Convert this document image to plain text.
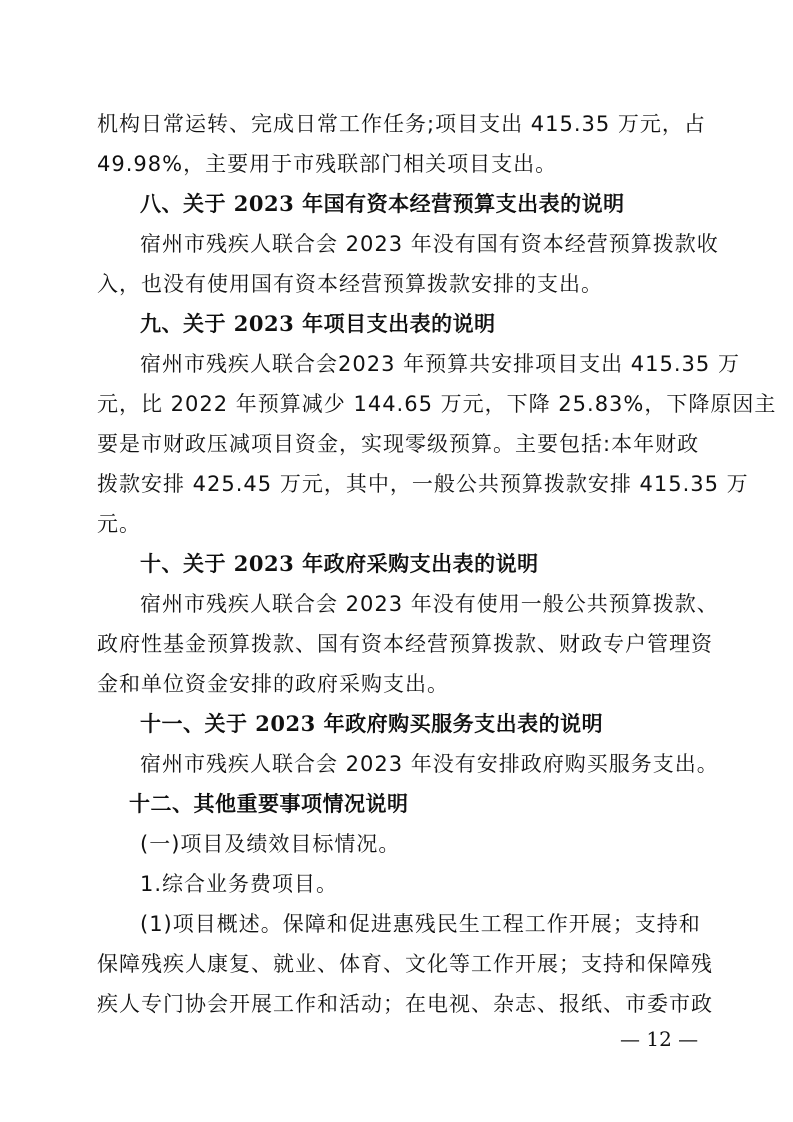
机构日常运转、完成日常工作任务;项目支出 415.35 万元，占
49.98%，主要用于市残联部门相关项目支出。
八、关于 2023 年国有资本经营预算支出表的说明
宿州市残疾人联合会 2023 年没有国有资本经营预算拨款收
入，也没有使用国有资本经营预算拨款安排的支出。
九、关于 2023 年项目支出表的说明
宿州市残疾人联合会2023 年预算共安排项目支出 415.35 万
元，比 2022 年预算减少 144.65 万元，下降 25.83%，下降原因主
要是市财政压减项目资金，实现零级预算。主要包括:本年财政
拨款安排 425.45 万元，其中，一般公共预算拨款安排 415.35 万
元。
十、关于 2023 年政府采购支出表的说明
宿州市残疾人联合会 2023 年没有使用一般公共预算拨款、
政府性基金预算拨款、国有资本经营预算拨款、财政专户管理资
金和单位资金安排的政府采购支出。
十一、关于 2023 年政府购买服务支出表的说明
宿州市残疾人联合会 2023 年没有安排政府购买服务支出。
十二、其他重要事项情况说明
(一)项目及绩效目标情况。
1.综合业务费项目。
(1)项目概述。保障和促进惠残民生工程工作开展；支持和
保障残疾人康复、就业、体育、文化等工作开展；支持和保障残
疾人专门协会开展工作和活动；在电视、杂志、报纸、市委市政
— 12 —
